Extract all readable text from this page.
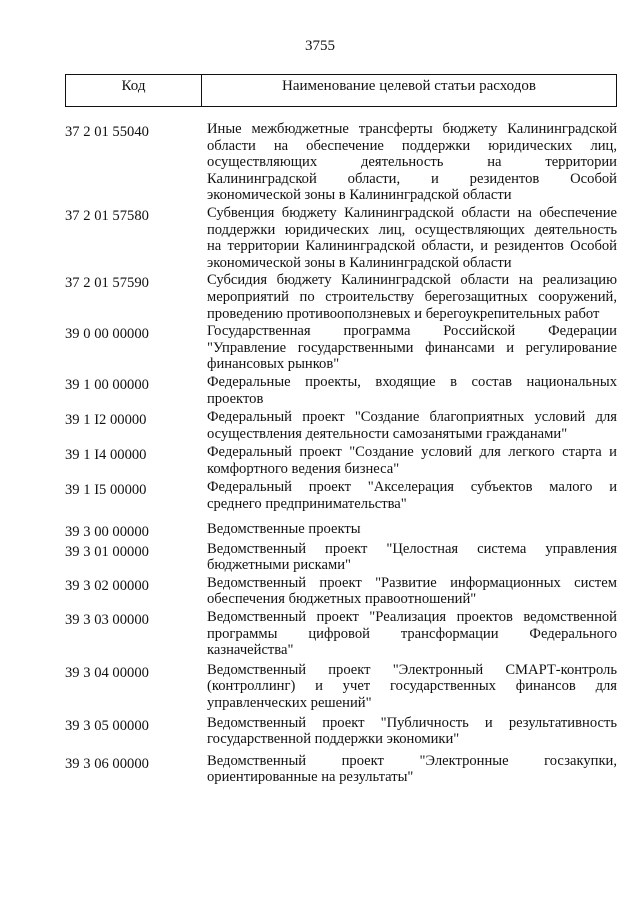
3755
Код	Наименование целевой статьи расходов
37 2 01 55040	Иные межбюджетные трансферты бюджету Калининградской
области на обеспечение поддержки юридических лиц,
осуществляющих деятельность на территории
Калининградской области, и резидентов Особой
экономической зоны в Калининградской области
37 2 01 57580	Субвенция бюджету Калининградской области на обеспечение
поддержки юридических лиц, осуществляющих деятельность
на территории Калининградской области, и резидентов Особой
экономической зоны в Калининградской области
37 2 01 57590	Субсидия бюджету Калининградской области на реализацию
мероприятий по строительству берегозащитных сооружений,
проведению противооползневых и берегоукрепительных работ
39 0 00 00000	Государственная программа Российской Федерации
"Управление государственными финансами и регулирование
финансовых рынков"
39 1 00 00000	Федеральные проекты, входящие в состав национальных
проектов
39 1 I2 00000	Федеральный проект "Создание благоприятных условий для
осуществления деятельности самозанятыми гражданами"
39 1 I4 00000	Федеральный проект "Создание условий для легкого старта и
комфортного ведения бизнеса"
39 1 I5 00000	Федеральный проект "Акселерация субъектов малого и
среднего предпринимательства"
39 3 00 00000	Ведомственные проекты
39 3 01 00000	Ведомственный проект "Целостная система управления
бюджетными рисками"
39 3 02 00000	Ведомственный проект "Развитие информационных систем
обеспечения бюджетных правоотношений"
39 3 03 00000	Ведомственный проект "Реализация проектов ведомственной
программы цифровой трансформации Федерального
казначейства"
39 3 04 00000	Ведомственный проект "Электронный СМАРТ-контроль
(контроллинг) и учет государственных финансов для
управленческих решений"
39 3 05 00000	Ведомственный проект "Публичность и результативность
государственной поддержки экономики"
39 3 06 00000	Ведомственный проект "Электронные госзакупки,
ориентированные на результаты"
